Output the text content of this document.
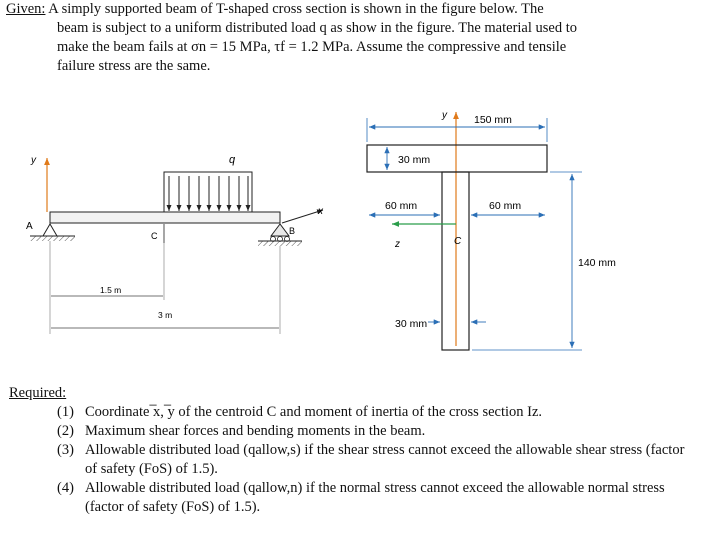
Given: A simply supported beam of T-shaped cross section is shown in the figure below. The
beam is subject to a uniform distributed load q as show in the figure. The material used to
make the beam fails at σn = 15 MPa, τf = 1.2 MPa. Assume the compressive and tensile
failure stress are the same.
y	q
x
A	B
C
1.5 m
3 m
y	150 mm
30 mm
60 mm	60 mm
z	C
140 mm
30 mm
Required:
(1) Coordinate ̅x, ̅y of the centroid C and moment of inertia of the cross section Iz.
(2) Maximum shear forces and bending moments in the beam.
(3) Allowable distributed load (qallow,s) if the shear stress cannot exceed the allowable shear stress (factor of safety (FoS) of 1.5).
(4) Allowable distributed load (qallow,n) if the normal stress cannot exceed the allowable normal stress (factor of safety (FoS) of 1.5).
